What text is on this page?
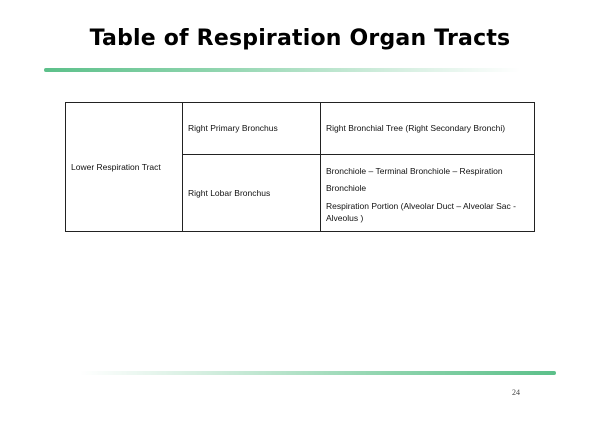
Table of Respiration Organ Tracts
Lower Respiration Tract	Right Primary Bronchus	Right Bronchial Tree (Right Secondary Bronchi)
	Right Lobar Bronchus	Bronchiole – Terminal Bronchiole – Respiration
Bronchiole
Respiration Portion (Alveolar Duct – Alveolar Sac -
Alveolus )
24
